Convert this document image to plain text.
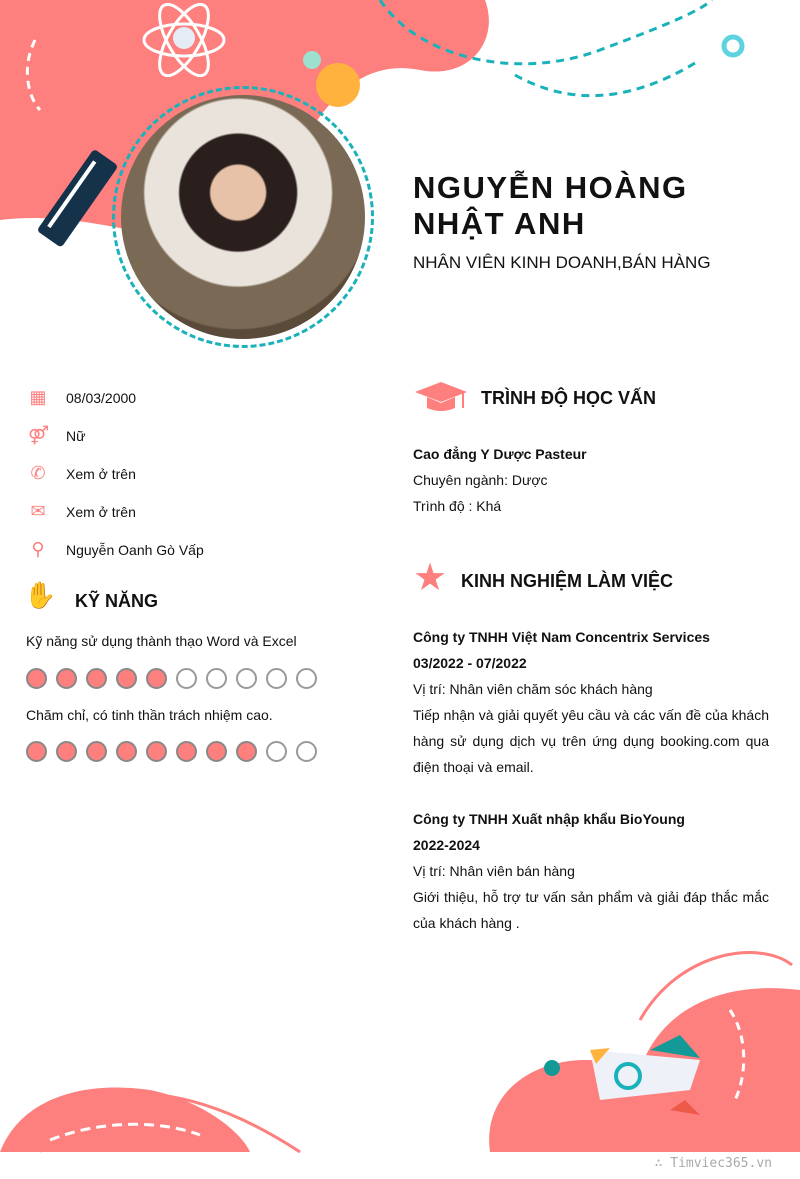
NGUYỄN HOÀNG NHẬT ANH
NHÂN VIÊN KINH DOANH,BÁN HÀNG
▦ 08/03/2000
⚤ Nữ
✆ Xem ở trên
✉ Xem ở trên
⚲ Nguyễn Oanh Gò Vấp
✋ KỸ NĂNG
Kỹ năng sử dụng thành thạo Word và Excel
Chăm chỉ, có tinh thần trách nhiệm cao.
TRÌNH ĐỘ HỌC VẤN
Cao đẳng Y Dược Pasteur
Chuyên ngành: Dược
Trình độ : Khá
★ KINH NGHIỆM LÀM VIỆC
Công ty TNHH Việt Nam Concentrix Services
03/2022 - 07/2022
Vị trí: Nhân viên chăm sóc khách hàng
Tiếp nhận và giải quyết yêu cầu và các vấn đề của khách hàng sử dụng dịch vụ trên ứng dụng booking.com qua điện thoại và email.
Công ty TNHH Xuất nhập khẩu BioYoung
2022-2024
Vị trí: Nhân viên bán hàng
Giới thiệu, hỗ trợ tư vấn sản phẩm và giải đáp thắc mắc của khách hàng .
∴ Timviec365.vn
